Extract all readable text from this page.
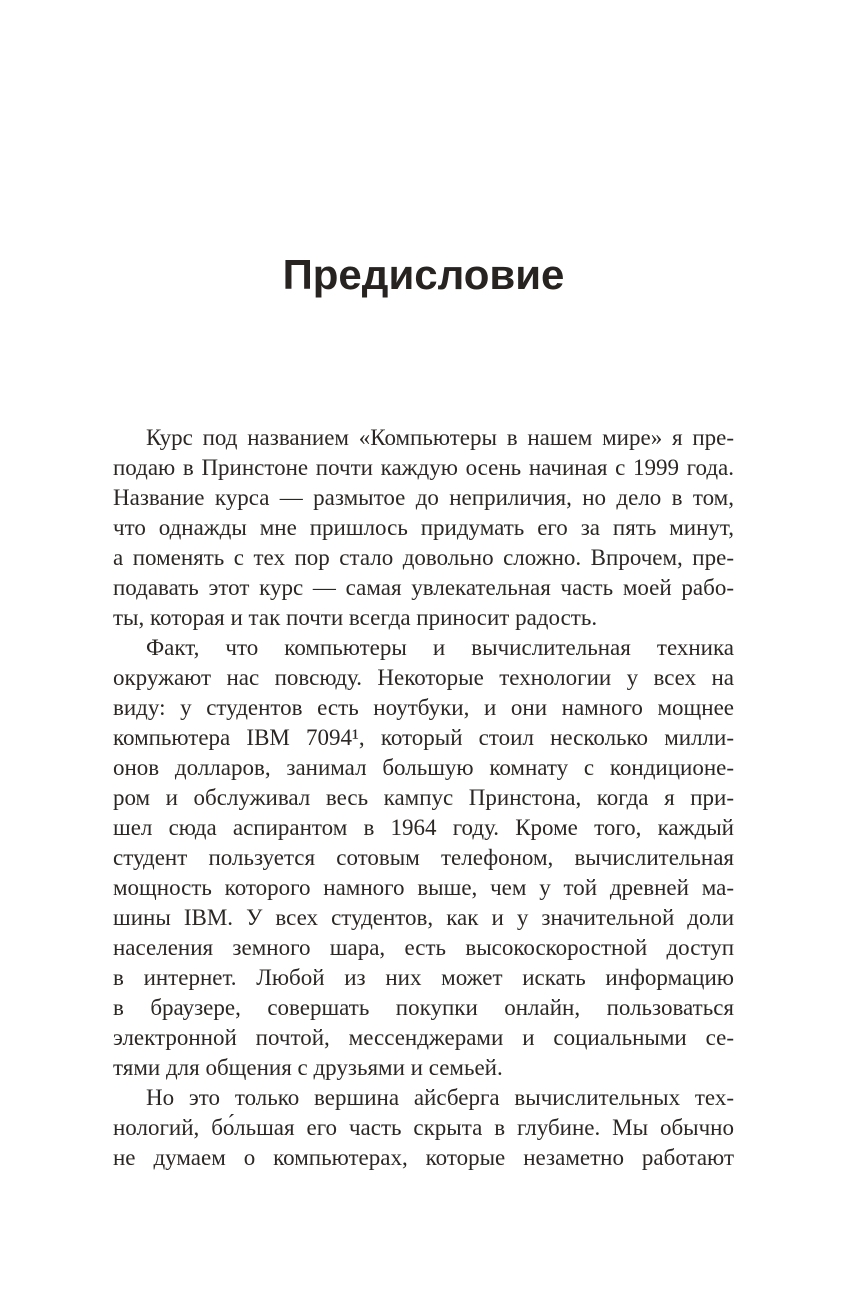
Предисловие
Курс под названием «Компьютеры в нашем мире» я пре-
подаю в Принстоне почти каждую осень начиная с 1999 года.
Название курса — размытое до неприличия, но дело в том,
что однажды мне пришлось придумать его за пять минут,
а поменять с тех пор стало довольно сложно. Впрочем, пре-
подавать этот курс — самая увлекательная часть моей рабо-
ты, которая и так почти всегда приносит радость.
Факт, что компьютеры и вычислительная техника
окружают нас повсюду. Некоторые технологии у всех на
виду: у студентов есть ноутбуки, и они намного мощнее
компьютера IBM 7094¹, который стоил несколько милли-
онов долларов, занимал большую комнату с кондиционе-
ром и обслуживал весь кампус Принстона, когда я при-
шел сюда аспирантом в 1964 году. Кроме того, каждый
студент пользуется сотовым телефоном, вычислительная
мощность которого намного выше, чем у той древней ма-
шины IBM. У всех студентов, как и у значительной доли
населения земного шара, есть высокоскоростной доступ
в интернет. Любой из них может искать информацию
в браузере, совершать покупки онлайн, пользоваться
электронной почтой, мессенджерами и социальными се-
тями для общения с друзьями и семьей.
Но это только вершина айсберга вычислительных тех-
нологий, бо́льшая его часть скрыта в глубине. Мы обычно
не думаем о компьютерах, которые незаметно работают
